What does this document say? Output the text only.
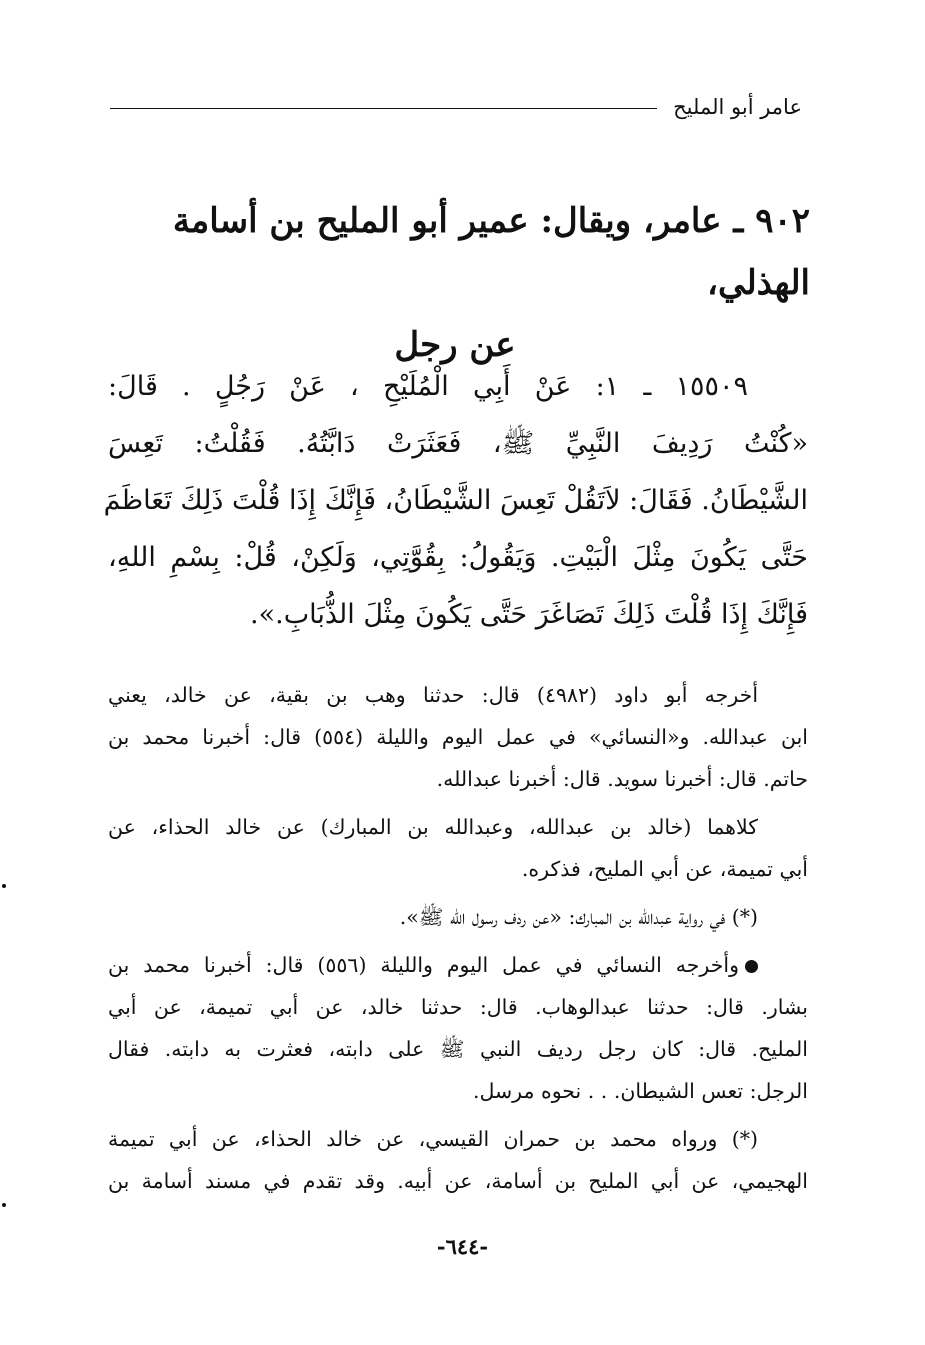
عامر أبو المليح
٩٠٢ ـ عامر، ويقال: عمير أبو المليح بن أسامة الهذلي،
عن رجل
١٥٥٠٩ ـ ١: عَنْ أَبِي الْمُلَيْحِ ، عَنْ رَجُلٍ . قَالَ:
«كُنْتُ رَدِيفَ النَّبِيِّ ﷺ، فَعَثَرَتْ دَابَّتُهُ. فَقُلْتُ: تَعِسَ
الشَّيْطَانُ. فَقَالَ: لاَتَقُلْ تَعِسَ الشَّيْطَانُ، فَإِنَّكَ إِذَا قُلْتَ ذَلِكَ تَعَاظَمَ
حَتَّى يَكُونَ مِثْلَ الْبَيْتِ. وَيَقُولُ: بِقُوَّتِي، وَلَكِنْ، قُلْ: بِسْمِ اللهِ،
فَإِنَّكَ إِذَا قُلْتَ ذَلِكَ تَصَاغَرَ حَتَّى يَكُونَ مِثْلَ الذُّبَابِ.».

أخرجه أبو داود (٤٩٨٢) قال: حدثنا وهب بن بقية، عن خالد، يعني
ابن عبدالله. و«النسائي» في عمل اليوم والليلة (٥٥٤) قال: أخبرنا محمد بن
حاتم. قال: أخبرنا سويد. قال: أخبرنا عبدالله.

كلاهما (خالد بن عبدالله، وعبدالله بن المبارك) عن خالد الحذاء، عن
أبي تميمة، عن أبي المليح، فذكره.

(*) في رواية عبدالله بن المبارك: «عن ردف رسول الله ﷺ».

وأخرجه النسائي في عمل اليوم والليلة (٥٥٦) قال: أخبرنا محمد بن
بشار. قال: حدثنا عبدالوهاب. قال: حدثنا خالد، عن أبي تميمة، عن أبي
المليح. قال: كان رجل رديف النبي ﷺ على دابته، فعثرت به دابته. فقال
الرجل: تعس الشيطان. . . نحوه مرسل.

(*) ورواه محمد بن حمران القيسي، عن خالد الحذاء، عن أبي تميمة
الهجيمي، عن أبي المليح بن أسامة، عن أبيه. وقد تقدم في مسند أسامة بن

-٦٤٤-
